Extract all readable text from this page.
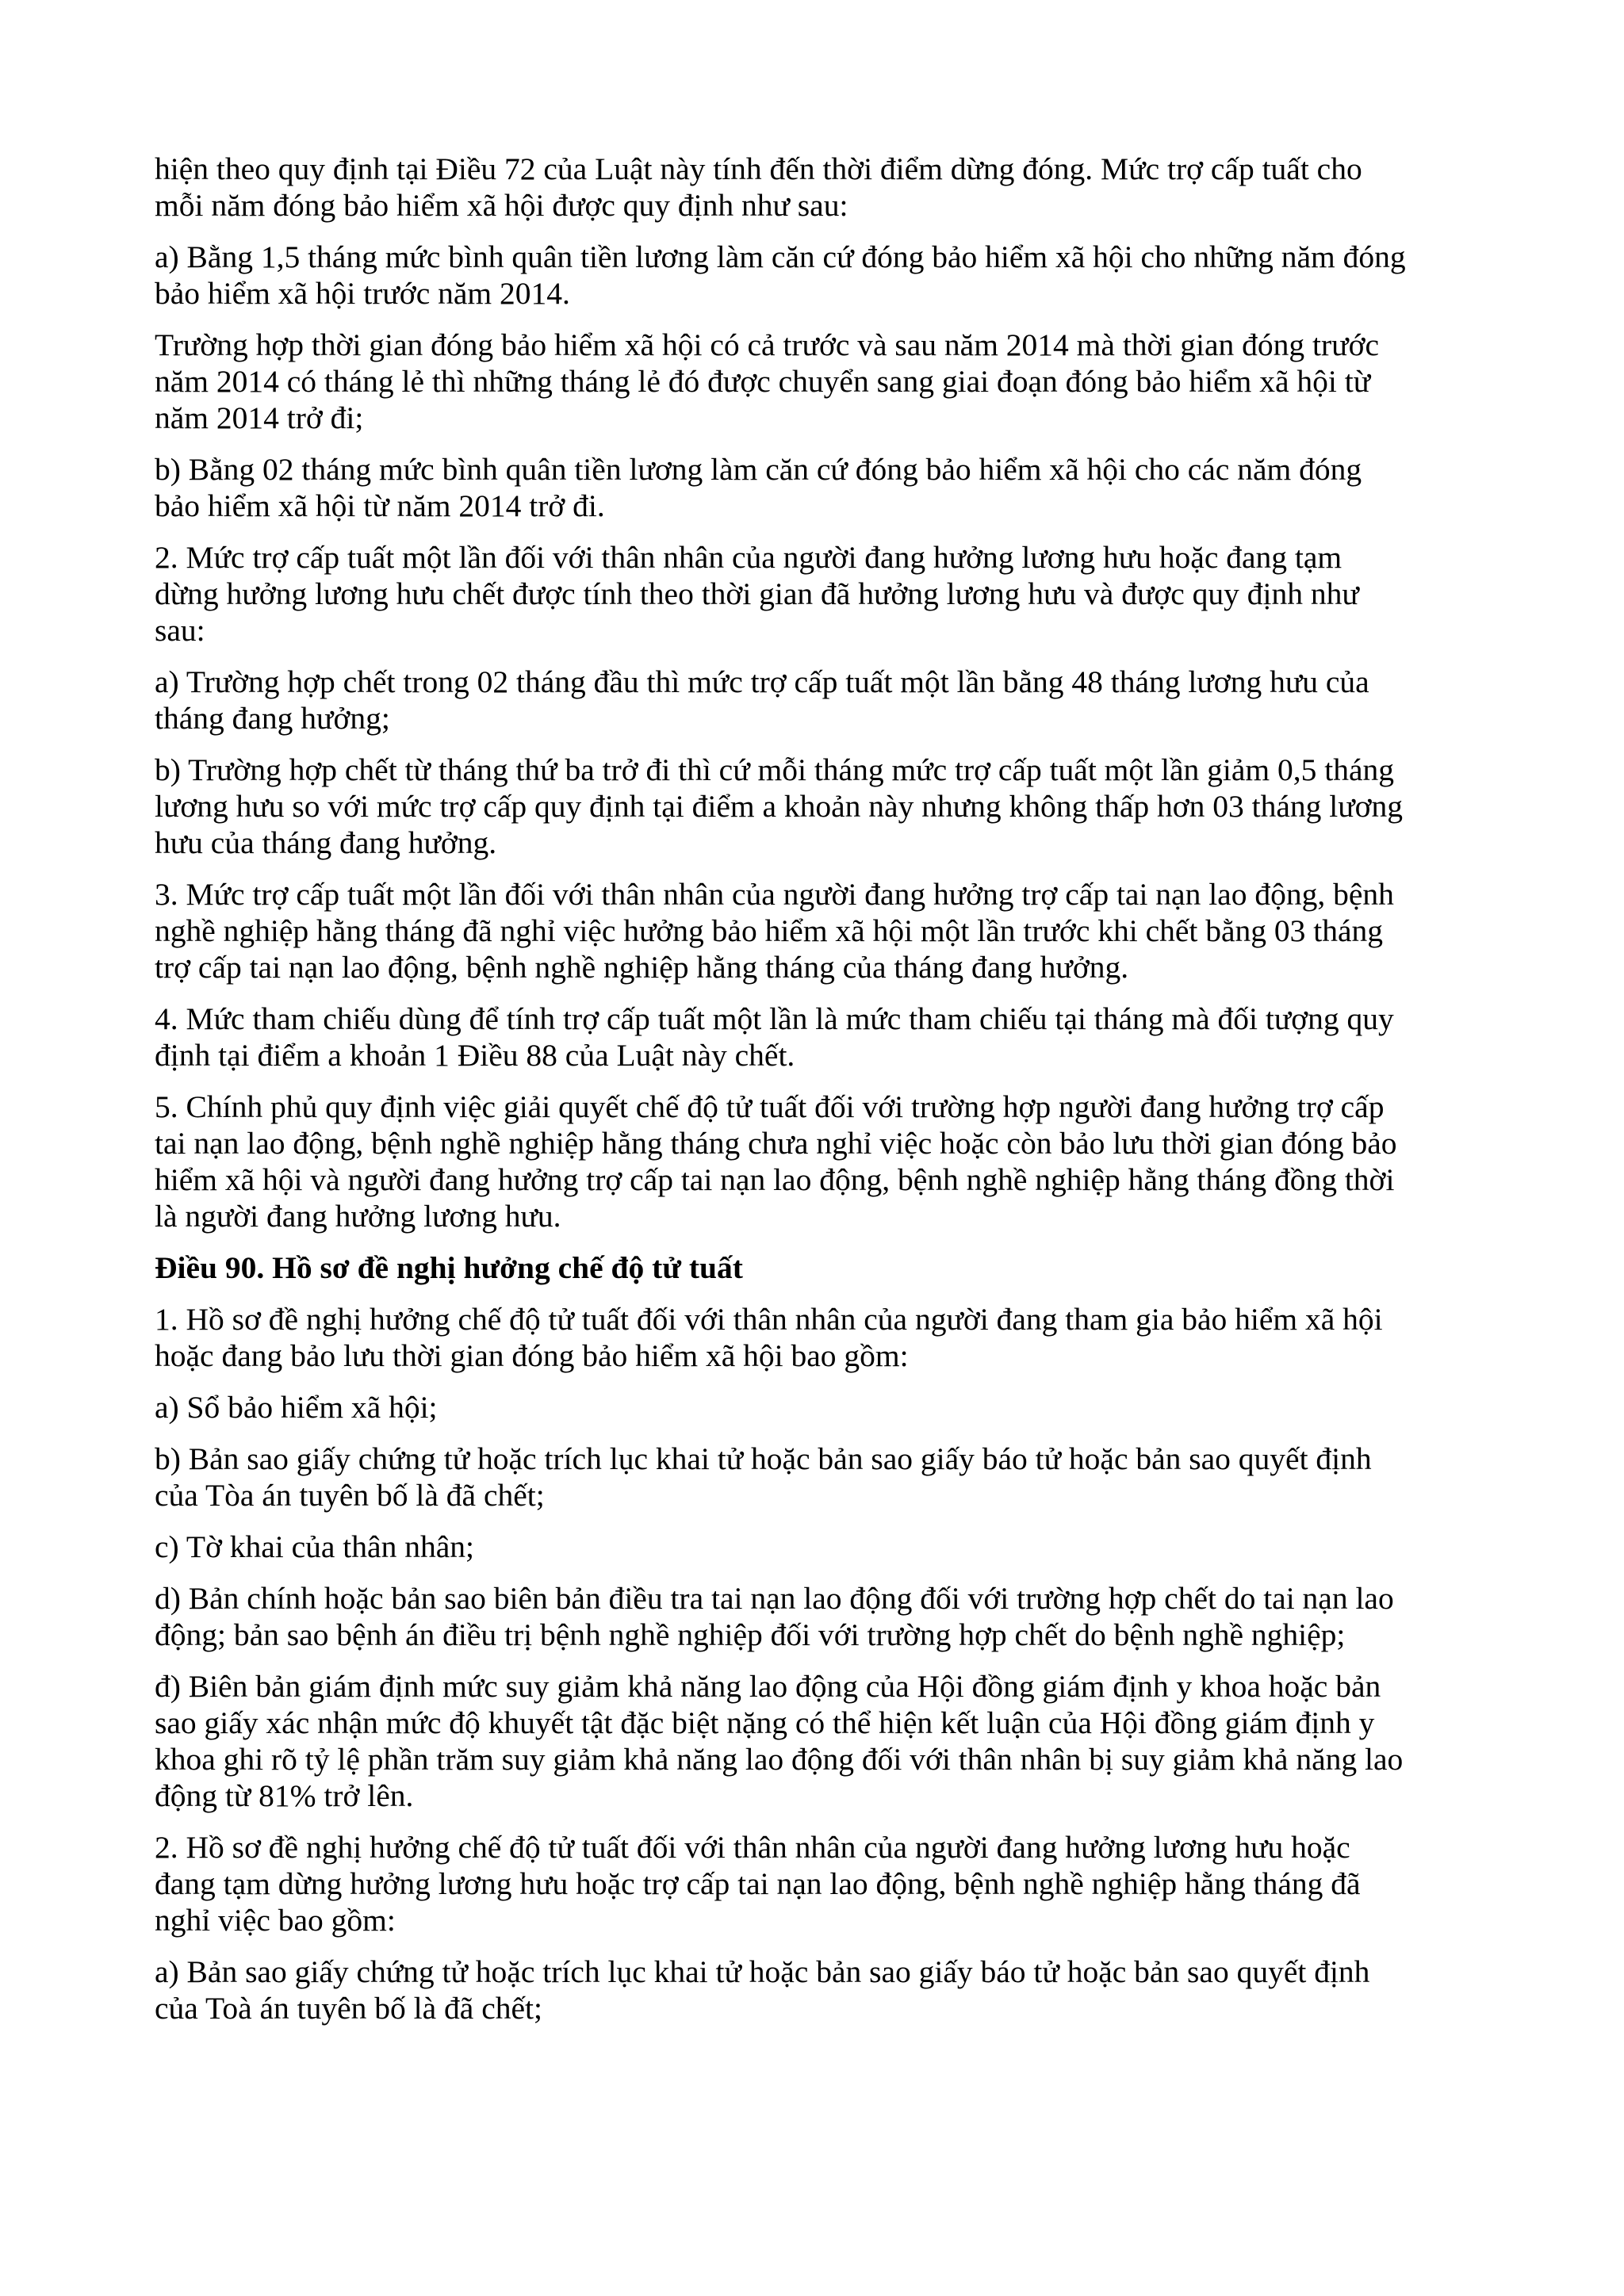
hiện theo quy định tại Điều 72 của Luật này tính đến thời điểm dừng đóng. Mức trợ cấp tuất cho
mỗi năm đóng bảo hiểm xã hội được quy định như sau:

a) Bằng 1,5 tháng mức bình quân tiền lương làm căn cứ đóng bảo hiểm xã hội cho những năm đóng
bảo hiểm xã hội trước năm 2014.

Trường hợp thời gian đóng bảo hiểm xã hội có cả trước và sau năm 2014 mà thời gian đóng trước
năm 2014 có tháng lẻ thì những tháng lẻ đó được chuyển sang giai đoạn đóng bảo hiểm xã hội từ
năm 2014 trở đi;

b) Bằng 02 tháng mức bình quân tiền lương làm căn cứ đóng bảo hiểm xã hội cho các năm đóng
bảo hiểm xã hội từ năm 2014 trở đi.

2. Mức trợ cấp tuất một lần đối với thân nhân của người đang hưởng lương hưu hoặc đang tạm
dừng hưởng lương hưu chết được tính theo thời gian đã hưởng lương hưu và được quy định như
sau:

a) Trường hợp chết trong 02 tháng đầu thì mức trợ cấp tuất một lần bằng 48 tháng lương hưu của
tháng đang hưởng;

b) Trường hợp chết từ tháng thứ ba trở đi thì cứ mỗi tháng mức trợ cấp tuất một lần giảm 0,5 tháng
lương hưu so với mức trợ cấp quy định tại điểm a khoản này nhưng không thấp hơn 03 tháng lương
hưu của tháng đang hưởng.

3. Mức trợ cấp tuất một lần đối với thân nhân của người đang hưởng trợ cấp tai nạn lao động, bệnh
nghề nghiệp hằng tháng đã nghỉ việc hưởng bảo hiểm xã hội một lần trước khi chết bằng 03 tháng
trợ cấp tai nạn lao động, bệnh nghề nghiệp hằng tháng của tháng đang hưởng.

4. Mức tham chiếu dùng để tính trợ cấp tuất một lần là mức tham chiếu tại tháng mà đối tượng quy
định tại điểm a khoản 1 Điều 88 của Luật này chết.

5. Chính phủ quy định việc giải quyết chế độ tử tuất đối với trường hợp người đang hưởng trợ cấp
tai nạn lao động, bệnh nghề nghiệp hằng tháng chưa nghỉ việc hoặc còn bảo lưu thời gian đóng bảo
hiểm xã hội và người đang hưởng trợ cấp tai nạn lao động, bệnh nghề nghiệp hằng tháng đồng thời
là người đang hưởng lương hưu.

Điều 90. Hồ sơ đề nghị hưởng chế độ tử tuất

1. Hồ sơ đề nghị hưởng chế độ tử tuất đối với thân nhân của người đang tham gia bảo hiểm xã hội
hoặc đang bảo lưu thời gian đóng bảo hiểm xã hội bao gồm:

a) Sổ bảo hiểm xã hội;

b) Bản sao giấy chứng tử hoặc trích lục khai tử hoặc bản sao giấy báo tử hoặc bản sao quyết định
của Tòa án tuyên bố là đã chết;

c) Tờ khai của thân nhân;

d) Bản chính hoặc bản sao biên bản điều tra tai nạn lao động đối với trường hợp chết do tai nạn lao
động; bản sao bệnh án điều trị bệnh nghề nghiệp đối với trường hợp chết do bệnh nghề nghiệp;

đ) Biên bản giám định mức suy giảm khả năng lao động của Hội đồng giám định y khoa hoặc bản
sao giấy xác nhận mức độ khuyết tật đặc biệt nặng có thể hiện kết luận của Hội đồng giám định y
khoa ghi rõ tỷ lệ phần trăm suy giảm khả năng lao động đối với thân nhân bị suy giảm khả năng lao
động từ 81% trở lên.

2. Hồ sơ đề nghị hưởng chế độ tử tuất đối với thân nhân của người đang hưởng lương hưu hoặc
đang tạm dừng hưởng lương hưu hoặc trợ cấp tai nạn lao động, bệnh nghề nghiệp hằng tháng đã
nghỉ việc bao gồm:

a) Bản sao giấy chứng tử hoặc trích lục khai tử hoặc bản sao giấy báo tử hoặc bản sao quyết định
của Toà án tuyên bố là đã chết;
